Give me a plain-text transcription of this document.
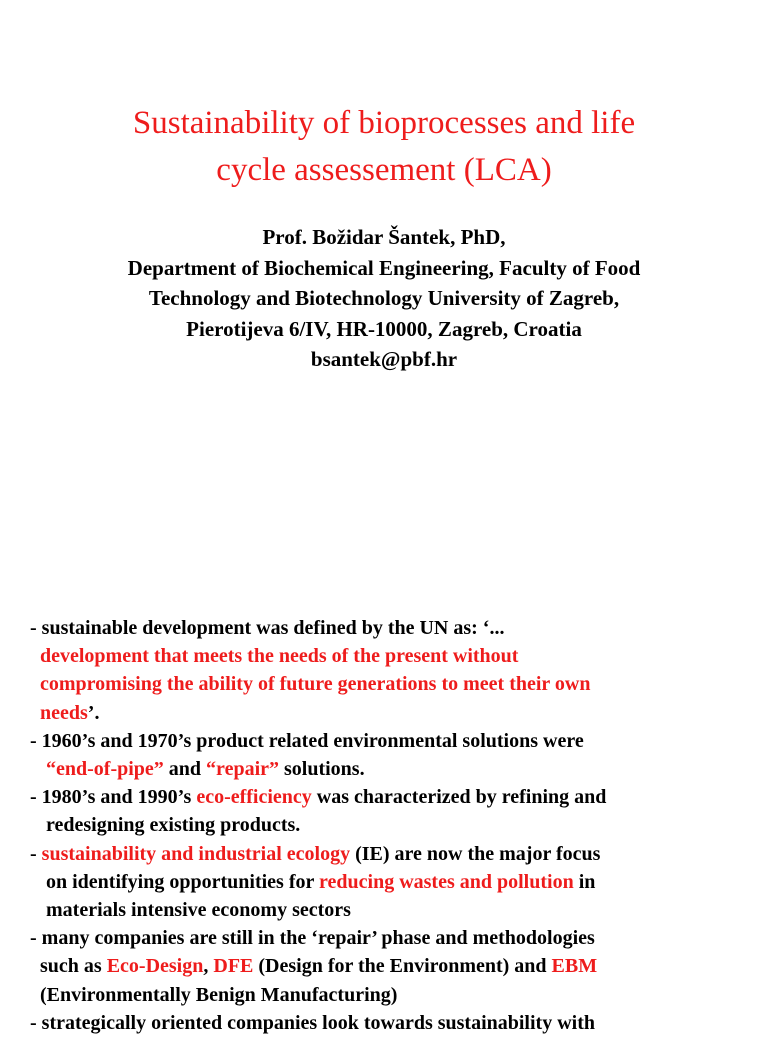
Sustainability of bioprocesses and life
cycle assessement (LCA)
Prof. Božidar Šantek, PhD,
Department of Biochemical Engineering, Faculty of Food
Technology and Biotechnology University of Zagreb,
Pierotijeva 6/IV, HR-10000, Zagreb, Croatia
bsantek@pbf.hr
- sustainable development was defined by the UN as: ‘...
development that meets the needs of the present without
compromising the ability of future generations to meet their own
needs’.
- 1960’s and 1970’s product related environmental solutions were
“end-of-pipe” and “repair” solutions.
- 1980’s and 1990’s eco-efficiency was characterized by refining and
redesigning existing products.
- sustainability and industrial ecology (IE) are now the major focus
on identifying opportunities for reducing wastes and pollution in
materials intensive economy sectors
- many companies are still in the ‘repair’ phase and methodologies
such as Eco-Design, DFE (Design for the Environment) and EBM
(Environmentally Benign Manufacturing)
- strategically oriented companies look towards sustainability with
